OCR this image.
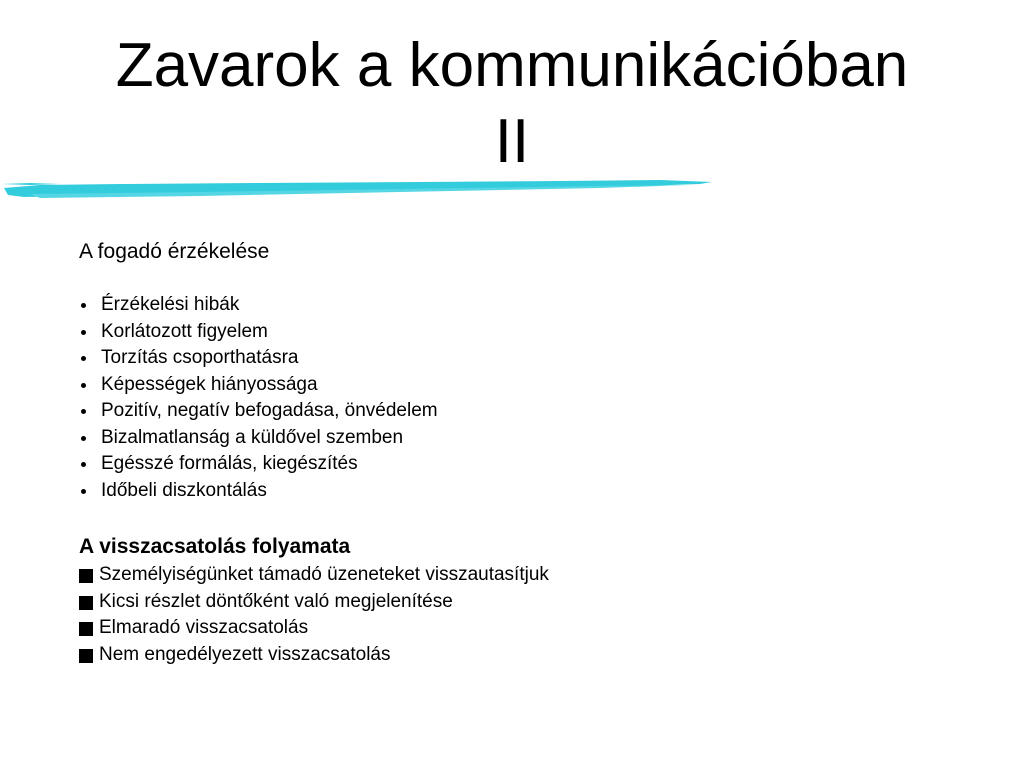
Zavarok a kommunikációban
II
A fogadó érzékelése
Érzékelési hibák
Korlátozott figyelem
Torzítás csoporthatásra
Képességek hiányossága
Pozitív, negatív befogadása, önvédelem
Bizalmatlanság a küldővel szemben
Egésszé formálás, kiegészítés
Időbeli diszkontálás
A visszacsatolás folyamata
Személyiségünket támadó üzeneteket visszautasítjuk
Kicsi részlet döntőként való megjelenítése
Elmaradó visszacsatolás
Nem engedélyezett visszacsatolás
